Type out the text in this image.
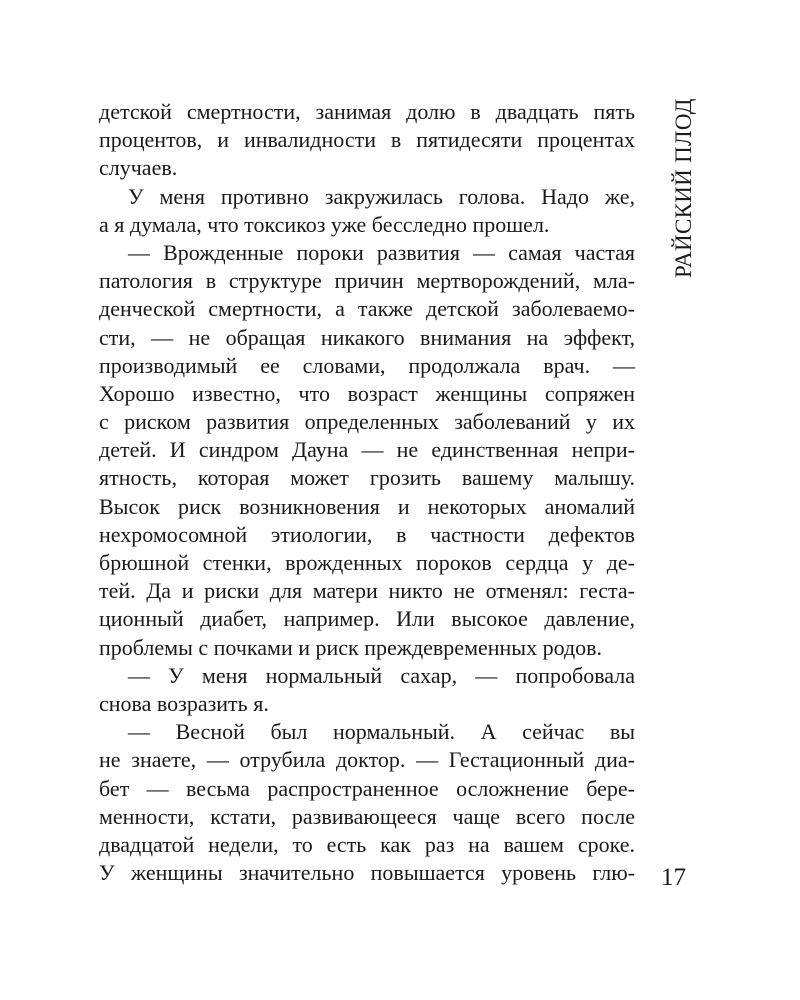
РАЙСКИЙ ПЛОД
детской смертности, занимая долю в двадцать пять
процентов, и инвалидности в пятидесяти процентах
случаев.
У меня противно закружилась голова. Надо же,
а я думала, что токсикоз уже бесследно прошел.
— Врожденные пороки развития — самая частая
патология в структуре причин мертворождений, мла-
денческой смертности, а также детской заболеваемо-
сти, — не обращая никакого внимания на эффект,
производимый ее словами, продолжала врач. —
Хорошо известно, что возраст женщины сопряжен
с риском развития определенных заболеваний у их
детей. И синдром Дауна — не единственная непри-
ятность, которая может грозить вашему малышу.
Высок риск возникновения и некоторых аномалий
нехромосомной этиологии, в частности дефектов
брюшной стенки, врожденных пороков сердца у де-
тей. Да и риски для матери никто не отменял: геста-
ционный диабет, например. Или высокое давление,
проблемы с почками и риск преждевременных родов.
— У меня нормальный сахар, — попробовала
снова возразить я.
— Весной был нормальный. А сейчас вы
не знаете, — отрубила доктор. — Гестационный диа-
бет — весьма распространенное осложнение бере-
менности, кстати, развивающееся чаще всего после
двадцатой недели, то есть как раз на вашем сроке.
У женщины значительно повышается уровень глю- 17
